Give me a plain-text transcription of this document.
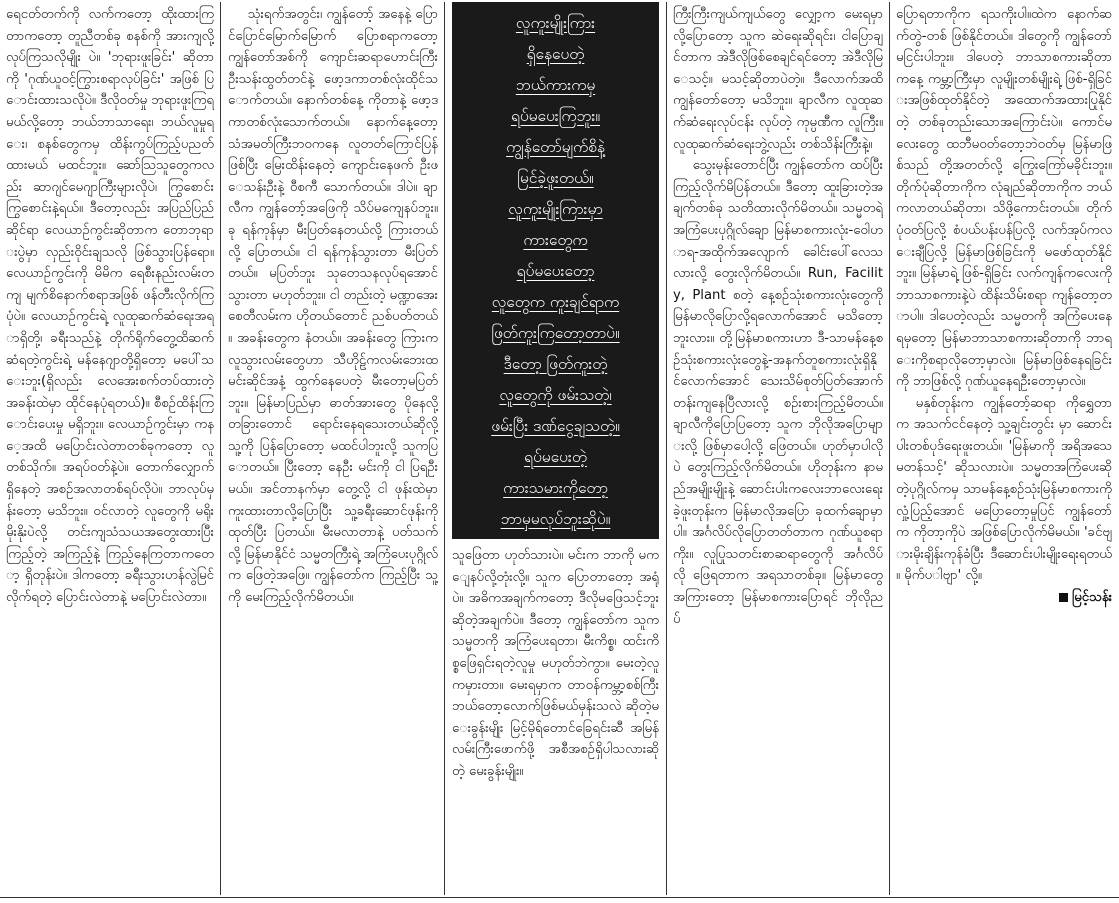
ရေငတ်တက်ကို လက်ကတော့ ထိုးထားကြတာကတော့ တူညီတစ်ခု စနစ်ကို အားကျလို့လုပ်ကြသလိုမျိုး ပဲ။ 'ဘုရားဖူးခြင်း' ဆိုတာကို 'ဂုဏ်ယူဝင့်ကြွားစရာလုပ်ခြင်း' အဖြစ် ပြောင်းထားသလိုပဲ။ ဒီလိုဝတ်မှု ဘုရားဖူးကြရမယ်လို့တော့ ဘယ်ဘာသာရေး၊ ဘယ်လူမှုရေး၊ စနစ်တွေကမှ ထိန်းကွပ်ကြည့်ပညတ်ထားမယ် မထင်ဘူး။ ဆော်သြသူတွေကလည်း ဆာဂျင်မေဂျာကြီးများလိုပဲ၊ ကြွစောင်း ကြွစောင်းနဲ့ရယ်။ ဒီတော့လည်း အပြည်ပြည်ဆိုင်ရာ လေယာဉ်ကွင်းဆိုတာက တောဘုရားပွဲမှာ လှည်းဝိုင်းချသလို ဖြစ်သွားပြန်ရော။ လေယာဉ်ကွင်းကို မိမိက ရေစီးနည်းလမ်းတကျ မျက်စိနောက်စရာအဖြစ် ဖန်တီးလိုက်ကြပုံပဲ။ လေယာဉ်ကွင်းရဲ့ လူထုဆက်ဆံရေးအရာရှိတို့၊ ခရီးသည်နဲ့ တိုက်ရိုက်တွေ့ထိဆက်ဆံရတဲ့ကွင်းရဲ့ မန်နေဂျာတို့ရှိတော့ မပေါ်သေးဘူး(ရှိလည်း လေအေးစက်တပ်ထားတဲ့ အခန်းထဲမှာ ထိုင်နေပုံရတယ်)။ စီစဉ်ထိန်းကြောင်းပေးမှု မရှိဘူး။ လေယာဉ်ကွင်းမှာ ကနေ့အထိ မပြောင်းလဲတာတစ်ခုကတော့ လူတစ်သိုက်။ အရပ်ဝတ်နဲ့ပဲ။ တောက်လျှောက်ရှိနေတဲ့ အစဉ်အလာတစ်ရပ်လိုပဲ။ ဘာလုပ်မှန်းတော့ မသိဘူး။ ဝင်လာတဲ့ လူတွေကို မရိုးမိုးနိုးပဲလို့ တင်းကျသံသယအတွေးထားပြီး ကြည့်တဲ့ အကြည့်နဲ့ ကြည့်နေကြတာကတော့ ရှိတုန်းပဲ။ ဒါကတော့ ခရီးသွားဟန်လွဲမြင်လိုက်ရတဲ့ ပြောင်းလဲတာနဲ့ မပြောင်းလဲတာ။

သုံးရက်အတွင်း၊ ကျွန်တော့် အနေနဲ့ ပြောင်ပြောင်မြောက်မြောက် ပြောစရာကတော့ ကျွန်တော်အစ်ကို ကျောင်းဆရာဟောင်းကြီး ဦးသန်းထွတ်တင်နဲ့ ဖော့ဒကာတစ်လုံးထိုင်သောက်တယ်။ နောက်တစ်နေ့ ကိုတာနဲ့ ဖော့ဒကာတစ်လုံးသောက်တယ်။ နောက်နေ့တော့ သံအမတ်ကြီးဘဝကနေ လူတတ်ကြောင်ပြန်ဖြစ်ပြီး မြေးထိန်းနေတဲ့ ကျောင်းနေဖက် ဦးဖေသန်းဦးနဲ့ ဝီစကီ သောက်တယ်။ ဒါပဲ။ ချာလီက ကျွန်တော့်အဖြေကို သိပ်မကျေနပ်ဘူး။ ခု ရန်ကုန်မှာ မီးပြတ်နေတယ်လို့ ကြားတယ်လို့ ပြောတယ်။ ငါ ရန်ကုန်သွားတာ မီးပြတ်တယ်။ မပြတ်ဘူး သုတေသနလုပ်ရအောင် သွားတာ မဟုတ်ဘူး။ ငါ တည်းတဲ့ မဏ္ဍာအေးစေတီလမ်းက ဟိုတယ်တောင် ညစ်ပတ်တယ်။ အခန်းတွေက နံတယ်။ အခန်းတွေ ကြားက လူသွားလမ်းတွေဟာ သီဟိုဠ်ကလမ်းဘေးထမင်းဆိုင်အနံ့ ထွက်နေပေတဲ့ မီးတော့မပြတ်ဘူး။ မြန်မာပြည်မှာ ဓာတ်အားတွေ ပိုနေလို့ တခြားတောင် ရောင်းနေရသေးတယ်ဆိုလို့ သူ့ကို ပြန်ပြောတော့ မထင်ပါဘူးလို့ သူကပြောတယ်။ ပြီးတော့ နေဦး မင်းကို ငါ ပြရဦးမယ်။ အင်တာနက်မှာ တွေ့လို့ ငါ ဖုန်းထဲမှာ ကူးထားတာလို့ပြောပြီး သူ့ခရီးဆောင်ဖုန်းကို ထုတ်ပြီး ပြတယ်။ မီးမလာတာနဲ့ ပတ်သက်လို့ မြန်မာနိုင်ငံ သမ္မတကြီးရဲ့ အကြံပေးပုဂ္ဂိုလ်က ဖြေတဲ့အဖြေ။ ကျွန်တော်က ကြည့်ပြီး သူ့ကို မေးကြည့်လိုက်မိတယ်။

လူကူးမျိုးကြား
ရှိနေပေတဲ့
ဘယ်ကားကမှ
ရပ်မပေးကြဘူး။
ကျွန်တော်မျက်စိနဲ့
မြင်ခဲ့ဖူးတယ်။
လူကူးမျိုးကြားမှာ
ကားတွေက
ရပ်မပေးတော့
လူတွေက ကူးချင်ရာက
ဖြတ်ကူးကြတော့တာပဲ။
ဒီတော့ ဖြတ်ကူးတဲ့
လူတွေကို ဖမ်းသတဲ့၊
ဖမ်းပြီး ဒဏ်ငွေချသတဲ့။
ရပ်မပေးတဲ့
ကားသမားကိုတော့
ဘာမှမလုပ်ဘူးဆိုပဲ။

သူဖြေတာ ဟုတ်သားပဲ။ မင်းက ဘာကို မကျေနပ်လို့တုံးလို့။ သူက ပြောတာတော့ အရုံပဲ။ အဓိကအချက်ကတော့ ဒီလိုမဖြေသင့်ဘူးဆိုတဲ့အချက်ပဲ။ ဒီတော့ ကျွန်တော်က သူက သမ္မတကို အကြံပေးရတာ၊ မီးကိစ္စ၊ ထင်းကိစ္စဖြေရှင်းရတဲ့လူမှု မဟုတ်ဘဲကွာ။ မေးတဲ့လူကမှားတာ။ မေးရမှာက တာဝန်ကမ္ဘာ့စစ်ကြီး ဘယ်တော့လောက်ဖြစ်မယ်မှန်းသလဲ ဆိုတဲ့မေးခွန်းမျိုး မြင့်မိုရ်တောင်ခြေရင်းဆီ အမြန်လမ်းကြီးဖောက်ဖို့ အစီအစဉ်ရှိပါသလားဆိုတဲ့ မေးခွန်းမျိုး။

ကြီးကြီးကျယ်ကျယ်တွေ လျှော့က မေးရမှာလို့ပြောတော့ သူက ဆဲရေးဆိုရင်း၊ ငါပြောချင်တာက အဲဒီလိုဖြစ်စေချင်ရင်တော့ အဲဒီလိုမြေသင့်။ မသင့်ဆိုတာပဲတဲ့။ ဒီလောက်အထိ ကျွန်တော်တော့ မသိဘူး။ ချာလီက လူထုဆက်ဆံရေးလုပ်ငန်း လုပ်တဲ့ ကုမ္ပဏီက လူကြီး။ လူထုဆက်ဆံရေးဘွဲ့လည်း တစ်သိန်းကြီးနဲ့။

သွေးမုန်းတောင်ပြီး ကျွန်တော်က ထပ်ပြီး ကြည့်လိုက်မိပြန်တယ်။ ဒီတော့ ထူးခြားတဲ့အချက်တစ်ခု သတိထားလိုက်မိတယ်။ သမ္မတရဲ့ အကြံပေးပုဂ္ဂိုလ်ချော မြန်မာစကားလုံး-ဝေါဟာရ-အထိုက်အလျောက် ခေါင်းပေါ်လေသလားလို့ တွေးလိုက်မိတယ်။ Run, Facility, Plant စတဲ့ နေ့စဉ်သုံးစကားလုံးတွေကို မြန်မာလိုပြောလို့ရလောက်အောင် မသိတော့ဘူးလား။ တို့မြန်မာစကားဟာ ဒီ-သာမန်နေ့စဉ်သုံးစကားလုံးတွေနဲ့-အနက်တူစကားလုံးရှိနိုင်လောက်အောင် သေးသိမ်စုတ်ပြတ်အောက်တန်းကျနေပြီလားလို့ စဉ်းစားကြည့်မိတယ်။ ချာလီကိုပြောပြတော့ သူက ဘိုလိုအပြောများလို့ ဖြစ်မှာပေါ့လို့ ဖြေတယ်။ ဟုတ်မှာပါလိုပဲ တွေးကြည့်လိုက်မိတယ်။ ဟိုတုန်းက နာမည်အမျိုးမျိုးနဲ့ ဆောင်းပါးကလေးဘာလေးရေးခဲ့ဖူးတုန်းက မြန်မာလိုအပြော ခုထက်ချောမှာပါ။ အင်္ဂလိပ်လိုပြောတတ်တာက ဂုဏ်ယူစရာကိုး။ လူပြုသတင်းစာဆရာတွေကို အင်္ဂလိပ်လို ဖြေရတာက အရသာတစ်ခု။ မြန်မာတွေအကြားတော့ မြန်မာစကားပြောရင် ဘိုလိုညပ်

ပြောရတာကိုက ရသကိုးပါ။ထဲက နောက်ဆက်တွဲ-တစ် ဖြစ်နိုင်တယ်။ ဒါတွေကို ကျွန်တော် မငြင်းပါဘူး။ ဒါပေတဲ့ ဘာသာစကားဆိုတာ ကနေ့ ကမ္ဘာ့ကြီးမှာ လူမျိုးတစ်မျိုးရဲ့ ဖြစ်-ရှိခြင်းအဖြစ်ထုတ်နိုင်တဲ့ အထောက်အထားပြုနိုင်တဲ့ တစ်ခုတည်းသောအကြောင်းပဲ။ ကောင်မလေးတွေ ထဘီမဝတ်တော့ဘဲဝတ်မှ မြန်မာဖြစ်သည် တို့အတတ်လို့ ကြွေးကြော်မခိုင်းဘူး။ တိုက်ပုံဆိုတာကိုက လုံချည်ဆိုတာကိုက ဘယ်ကလာတယ်ဆိုတာ၊ သိဖို့ကောင်းတယ်။ တိုက်ပုံဝတ်ပြလို့ စံပယ်ပန်းပန်ပြလို့ လက်အုပ်ကလေးချီပြလို့ မြန်မာဖြစ်ခြင်းကို မဖော်ထုတ်နိုင်ဘူး။ မြန်မာရဲ့ ဖြစ်-ရှိခြင်း လက်ကျန်ကလေးကို ဘာသာစကားနဲ့ပဲ ထိန်းသိမ်းစရာ ကျန်တော့တာပါ။ ဒါပေတဲ့လည်း သမ္မတကို အကြံပေးနေရမှတော့ မြန်မာဘာသာစကားဆိုတာကို ဘာရေးကိုစရာလိုတော့မှာလဲ။ မြန်မာဖြစ်နေရခြင်းကို ဘာဖြစ်လို့ ဂုဏ်ယူနေရဦးတော့မှာလဲ။

မနှစ်တုန်းက ကျွန်တော့်ဆရာ ကိုရွှေတာက အသက်ငင်နေတဲ့ သူ့ချင်းတွင်း မှာ ဆောင်းပါးတစ်ပုဒ်ရေးဖူးတယ်။ 'မြန်မာကို အရိအသေမတန်သင့်' ဆိုသလားပဲ။ သမ္မတအကြံပေးဆိုတဲ့ပုဂ္ဂိုလ်ကမှ သာမန်နေ့စဉ်သုံးမြန်မာစကားကို လှုံ့ပြည့်အောင် မပြောတော့မှုပြင် ကျွန်တော်က ကိုတာ့ကိုပဲ အဖြစ်ပြောလိုက်မိမယ်။ 'ခင်ဗျားမိုးချိန်းကုန်ခံပြီး ဒီဆောင်းပါးမျိုးရေးရတယ်။ မိုက်ပ‌ါဗျာ' လို့။

မြင့်သန်း
